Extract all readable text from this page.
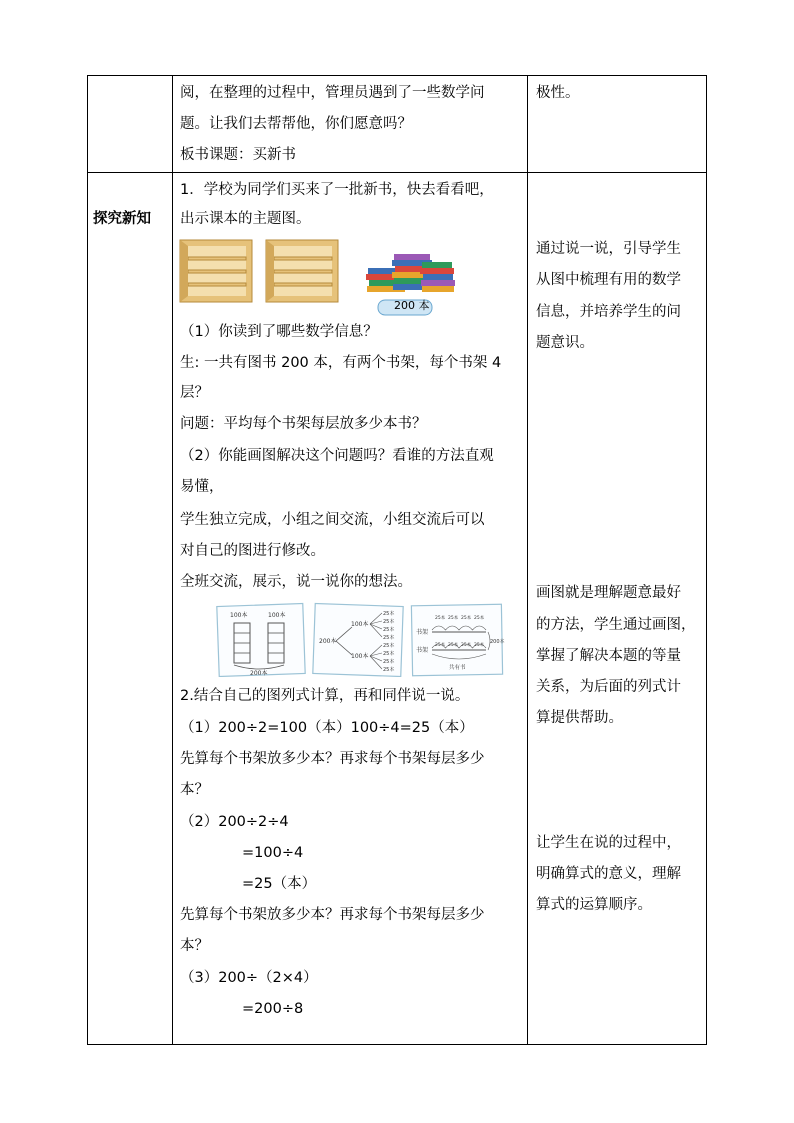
阅，在整理的过程中，管理员遇到了一些数学问
题。让我们去帮帮他，你们愿意吗？
板书课题：买新书
极性。
探究新知
1．学校为同学们买来了一批新书，快去看看吧，
出示课本的主题图。
200 本
（1）你读到了哪些数学信息？
生: 一共有图书 200 本，有两个书架，每个书架 4
层？
问题：平均每个书架每层放多少本书？
（2）你能画图解决这个问题吗？看谁的方法直观
易懂，
学生独立完成，小组之间交流，小组交流后可以
对自己的图进行修改。
全班交流，展示，说一说你的想法。
100本	100本
200本
200本
100本
100本
25本
25本
25本
25本
25本
25本
25本
25本
书架
书架
25本 25本 25本 25本
25本 25本 25本 25本
200本
共有书
2.结合自己的图列式计算，再和同伴说一说。
（1）200÷2=100（本）100÷4=25（本）
先算每个书架放多少本？再求每个书架每层多少
本？
（2）200÷2÷4
=100÷4
=25（本）
先算每个书架放多少本？再求每个书架每层多少
本？
（3）200÷（2×4）
=200÷8
通过说一说，引导学生
从图中梳理有用的数学
信息，并培养学生的问
题意识。
画图就是理解题意最好
的方法，学生通过画图，
掌握了解决本题的等量
关系，为后面的列式计
算提供帮助。
让学生在说的过程中，
明确算式的意义，理解
算式的运算顺序。
